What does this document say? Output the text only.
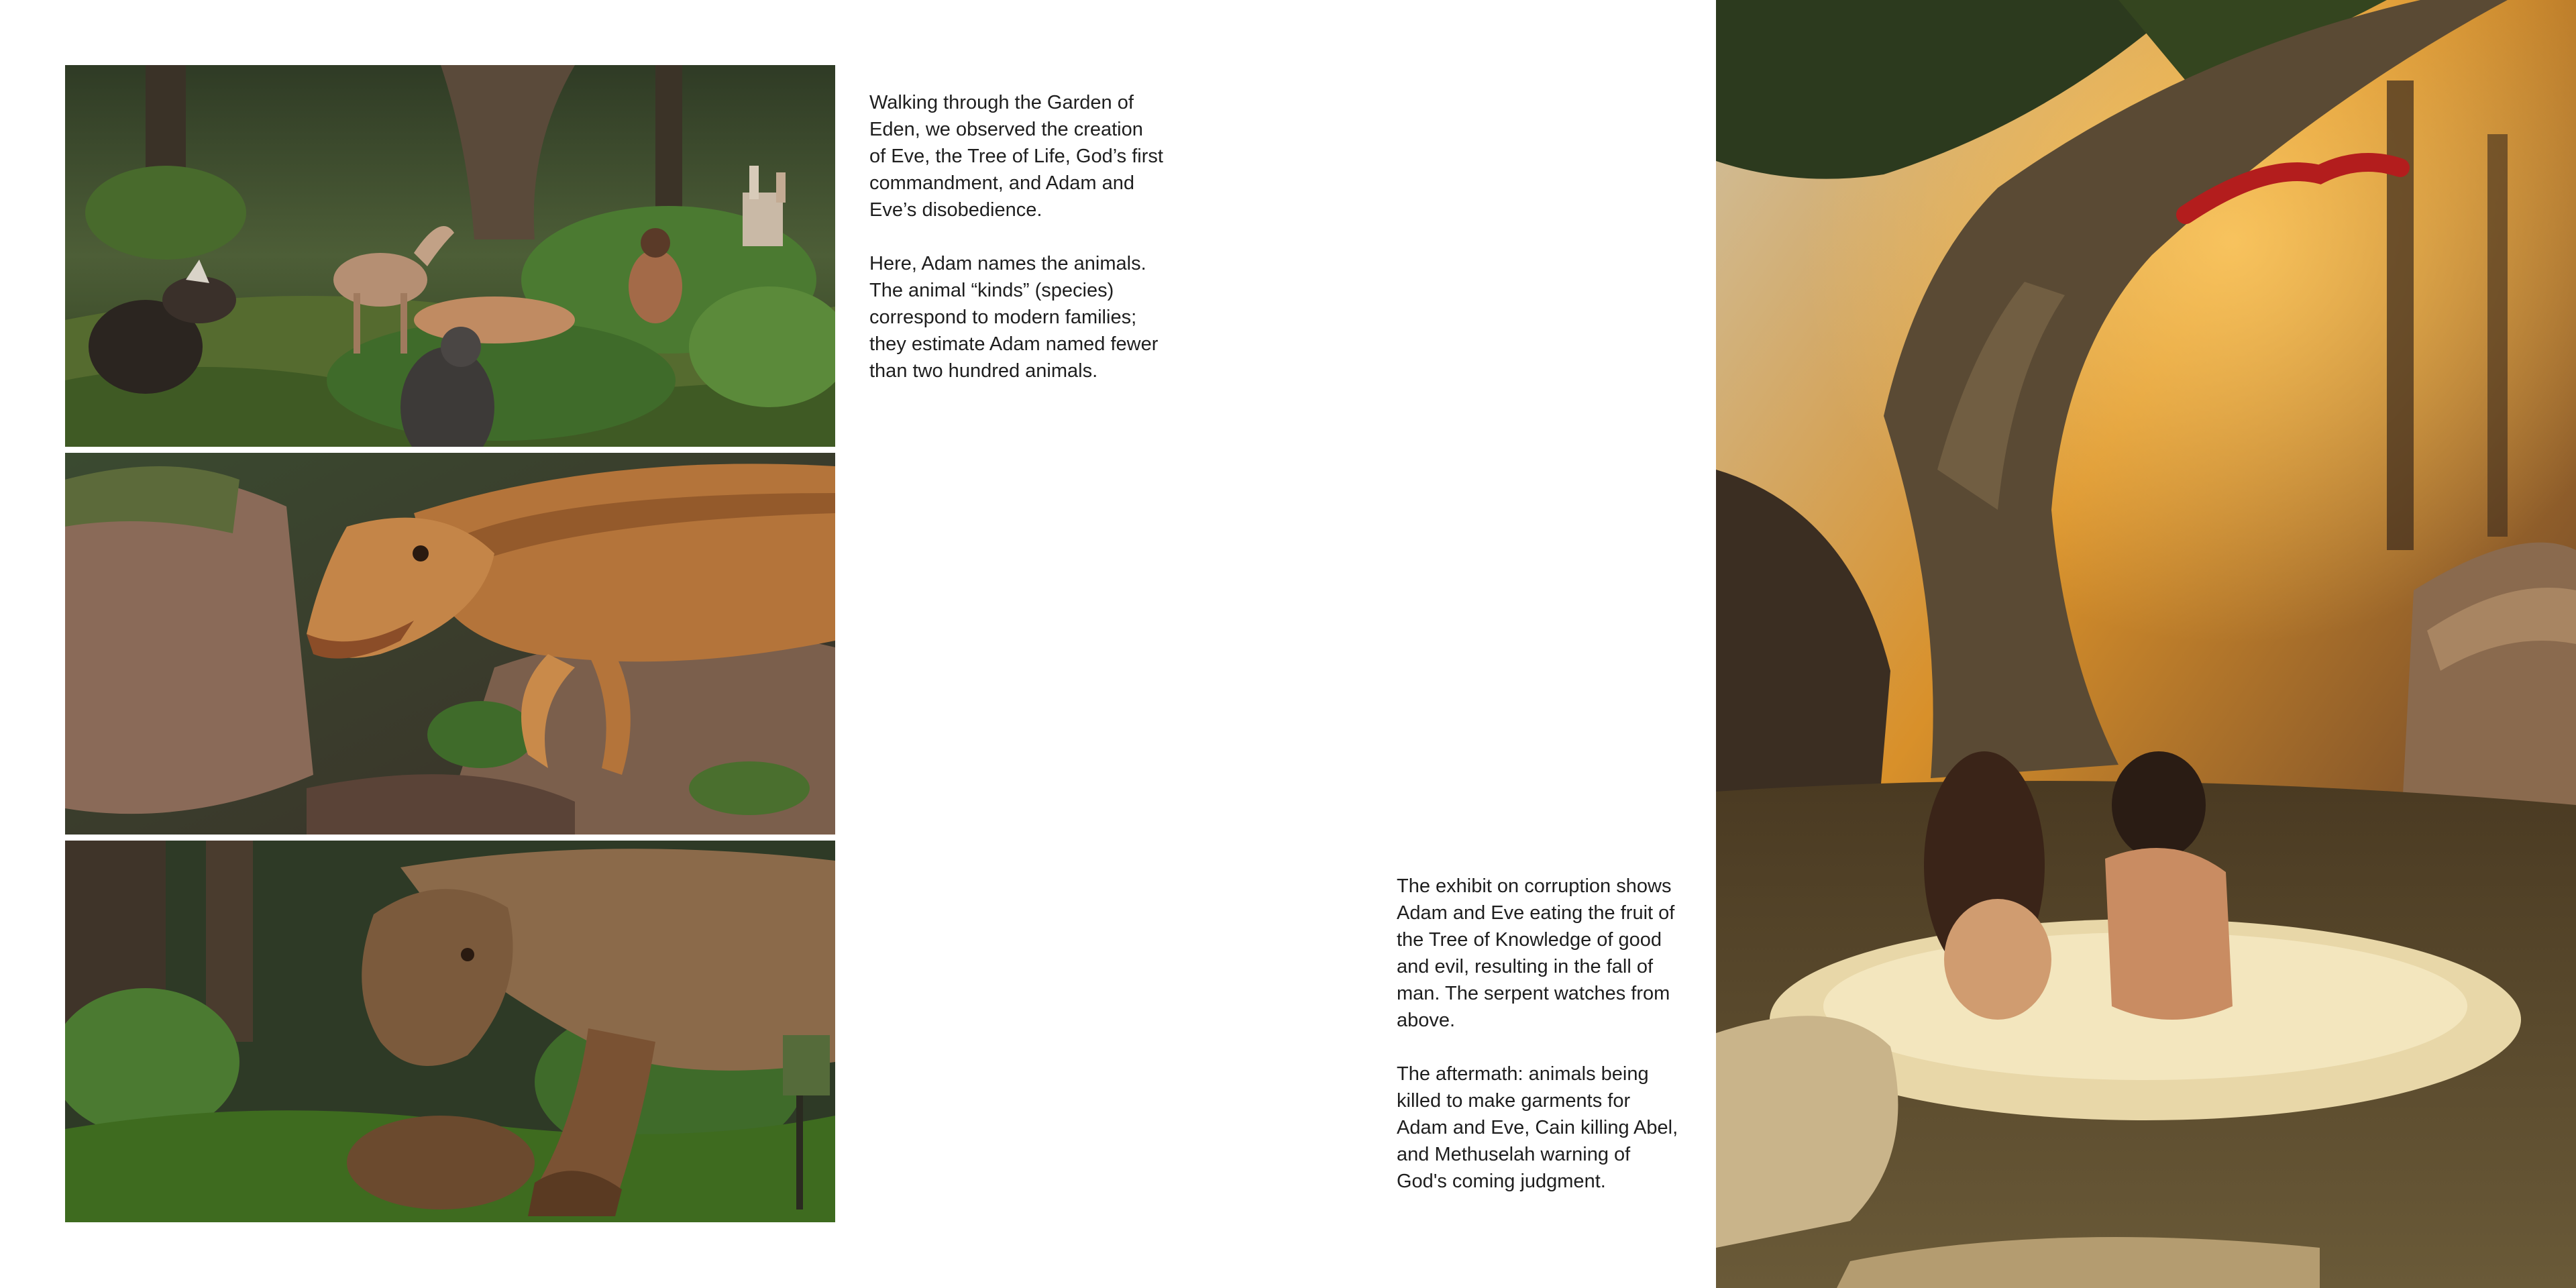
Walking through the Garden of
Eden, we observed the creation
of Eve, the Tree of Life, God’s first
commandment, and Adam and
Eve’s disobedience.

Here, Adam names the animals.
The animal “kinds” (species)
correspond to modern families;
they estimate Adam named fewer
than two hundred animals.

The exhibit on corruption shows
Adam and Eve eating the fruit of
the Tree of Knowledge of good
and evil, resulting in the fall of
man. The serpent watches from
above.

The aftermath: animals being
killed to make garments for
Adam and Eve, Cain killing Abel,
and Methuselah warning of
God's coming judgment.
